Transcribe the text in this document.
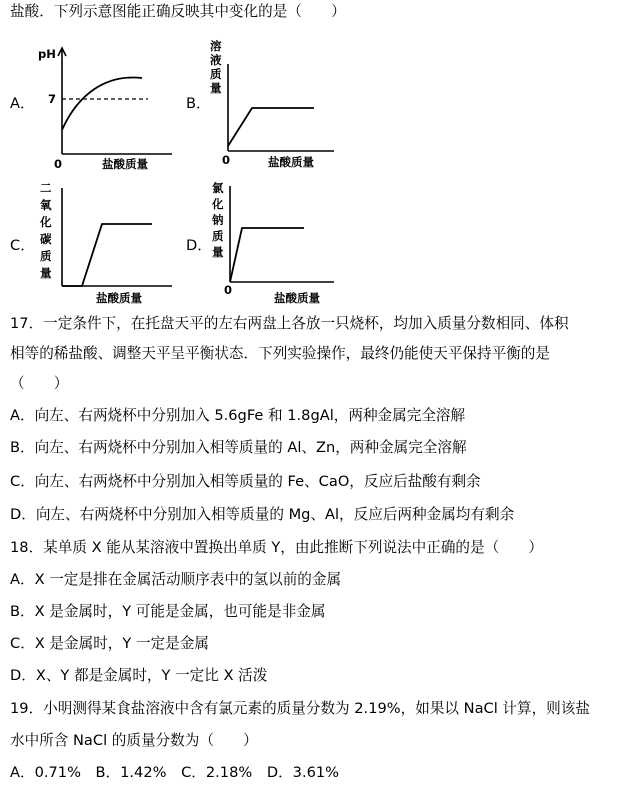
盐酸．下列示意图能正确反映其中变化的是（　　）
A．
pH
7
0	盐酸质量
B．
溶
液
质
量
0	盐酸质量
C．
二
氧
化
碳
质
量
盐酸质量
D．
氯
化
钠
质
量
0
盐酸质量
17．一定条件下，在托盘天平的左右两盘上各放一只烧杯，均加入质量分数相同、体积
相等的稀盐酸、调整天平呈平衡状态．下列实验操作，最终仍能使天平保持平衡的是
（　　）
A．向左、右两烧杯中分别加入 5.6gFe 和 1.8gAl，两种金属完全溶解
B．向左、右两烧杯中分别加入相等质量的 Al、Zn，两种金属完全溶解
C．向左、右两烧杯中分别加入相等质量的 Fe、CaO，反应后盐酸有剩余
D．向左、右两烧杯中分别加入相等质量的 Mg、Al，反应后两种金属均有剩余
18．某单质 X 能从某溶液中置换出单质 Y，由此推断下列说法中正确的是（　　）
A．X 一定是排在金属活动顺序表中的氢以前的金属
B．X 是金属时，Y 可能是金属，也可能是非金属
C．X 是金属时，Y 一定是金属
D．X、Y 都是金属时，Y 一定比 X 活泼
19．小明测得某食盐溶液中含有氯元素的质量分数为 2.19%，如果以 NaCl 计算，则该盐
水中所含 NaCl 的质量分数为（　　）
A．0.71%　B．1.42%　C．2.18%　D．3.61%
